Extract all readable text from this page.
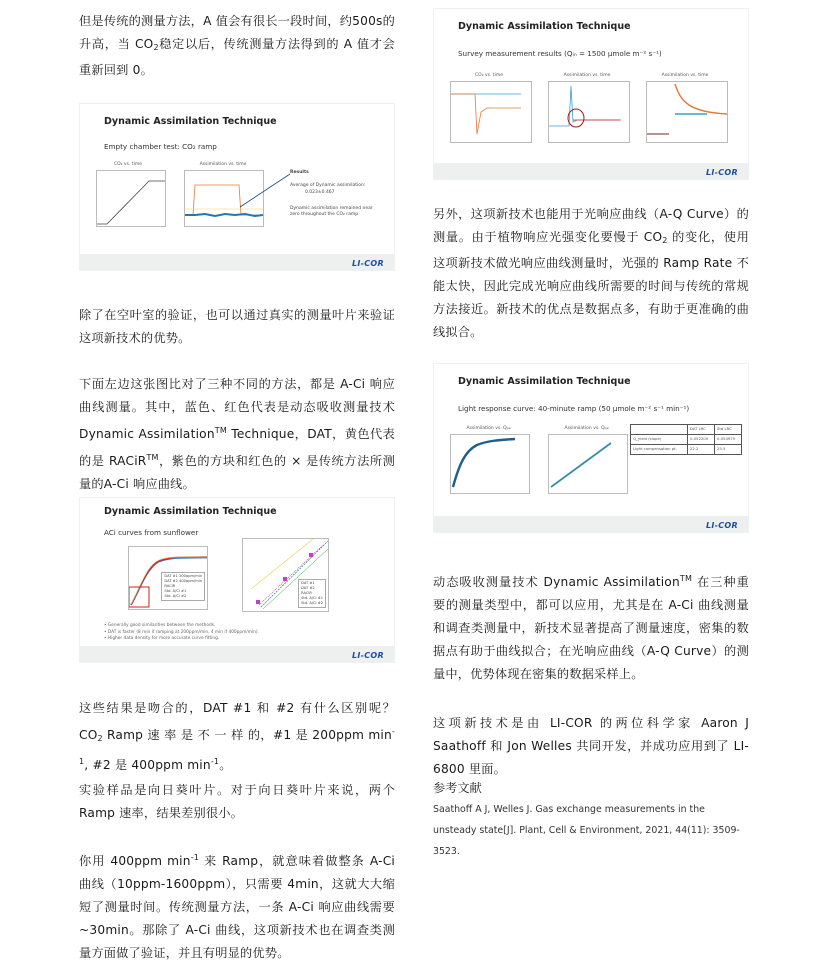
但是传统的测量方法，A 值会有很长一段时间，约500s的升高，当 $CO_2$稳定以后，传统测量方法得到的 A 值才会重新回到 0。

Dynamic Assimilation Technique
Empty chamber test: CO₂ ramp
CO₂ vs. time	Assimilation vs. time
Results
Average of Dynamic assimilation:
0.023±0.467
Dynamic assimilation remained near zero throughout the CO₂ ramp
LI-COR

除了在空叶室的验证，也可以通过真实的测量叶片来验证这项新技术的优势。

下面左边这张图比对了三种不同的方法，都是 A-Ci 响应曲线测量。其中，蓝色、红色代表是动态吸收测量技术 Dynamic Assimilation™ Technique，DAT，黄色代表的是 RACiR™，紫色的方块和红色的 × 是传统方法所测量的A-Ci 响应曲线。

Dynamic Assimilation Technique
ACi curves from sunflower
DAT #1 200ppm/min
DAT #2 400ppm/min
RACiR
Std. A/Ci #1
Std. A/Ci #2
DAT #1
DAT #2
RACiR
Std. A/Ci #1
Std. A/Ci #2
• Generally good similarities between the methods.
• DAT is faster (8 min if ramping at 200ppm/min, 4 min if 400ppm/min).
• Higher data density for more accurate curve fitting.
LI-COR

这些结果是吻合的，DAT #1 和 #2 有什么区别呢？ $CO_2$ Ramp 速 率 是 不 一 样 的，#1 是 200ppm $\min^{-1}$, #2 是 400ppm $\min^{-1}$。

实验样品是向日葵叶片。对于向日葵叶片来说，两个 Ramp 速率，结果差别很小。

你用 400ppm $\min^{-1}$ 来 Ramp，就意味着做整条 A-Ci 曲线（10ppm-1600ppm），只需要 4min，这就大大缩短了测量时间。传统测量方法，一条 A-Ci 响应曲线需要 ~30min。那除了 A-Ci 曲线，这项新技术也在调查类测量方面做了验证，并且有明显的优势。

Dynamic Assimilation Technique
Survey measurement results (Qᵢₙ = 1500 μmole m⁻² s⁻¹)
CO₂ vs. time	Assimilation vs. time	Assimilation vs. time
LI-COR

另外，这项新技术也能用于光响应曲线（A-Q Curve）的测量。由于植物响应光强变化要慢于 $CO_2$ 的变化，使用这项新技术做光响应曲线测量时，光强的 Ramp Rate 不能太快，因此完成光响应曲线所需要的时间与传统的常规方法接近。新技术的优点是数据点多，有助于更准确的曲线拟合。

Dynamic Assimilation Technique
Light response curve: 40-minute ramp (50 μmole m⁻² s⁻¹ min⁻¹)
Assimilation vs. Qₚₐᵣ	Assimilation vs. Qₚₐᵣ
		DAT LRC	Std LRC
Q_yield (slope)	0.052200	0.054979
Light compensation pt.	22.2	25.5
LI-COR

动态吸收测量技术 Dynamic Assimilation™ 在三种重要的测量类型中，都可以应用，尤其是在 A-Ci 曲线测量和调查类测量中，新技术显著提高了测量速度，密集的数据点有助于曲线拟合；在光响应曲线（A-Q Curve）的测量中，优势体现在密集的数据采样上。

这项新技术是由 LI-COR 的两位科学家 Aaron J Saathoff 和 Jon Welles 共同开发，并成功应用到了 LI-6800 里面。

参考文献
Saathoff A J, Welles J. Gas exchange measurements in the unsteady state[J]. Plant, Cell & Environment, 2021, 44(11): 3509-3523.
